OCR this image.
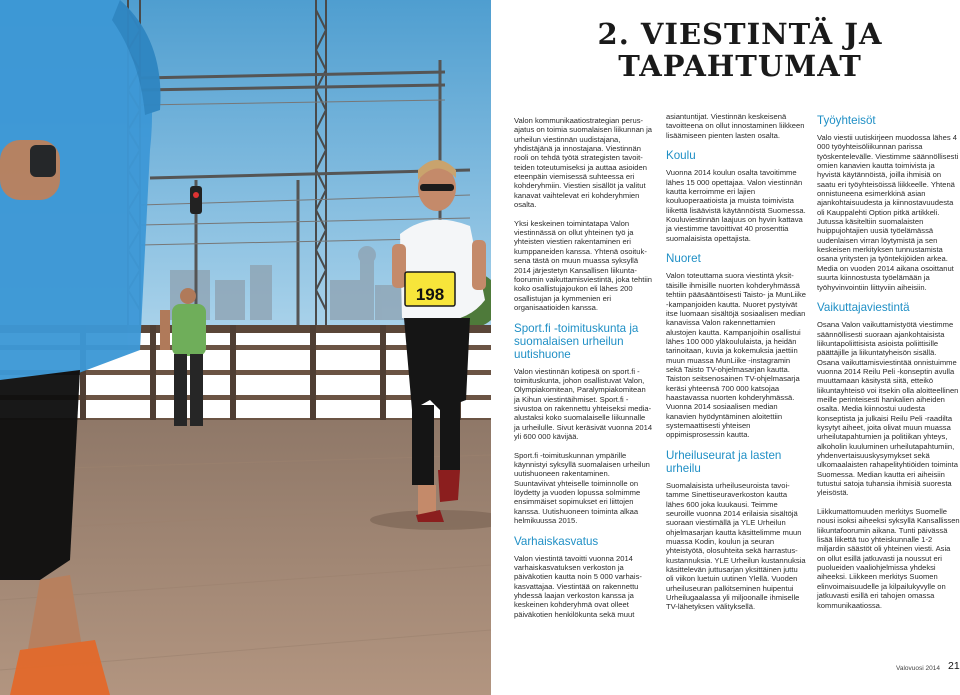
198
2. VIESTINTÄ JA
TAPAHTUMAT

Valon kommunikaatiostrategian perusajatus on toimia suomalaisen liikunnan ja urheilun viestinnän uudistajana, yhdistäjänä ja innostajana. Viestinnän rooli on tehdä työtä strategisten tavoitteiden toteutumiseksi ja auttaa asioiden eteenpäin viemisessä suhteessa eri kohderyhmiin. Viestien sisällöt ja valitut kanavat vaihtelevat eri kohderyhmien osalta.

Yksi keskeinen toimintatapa Valon viestinnässä on ollut yhteinen työ ja yhteisten viestien rakentaminen eri kumppaneiden kanssa. Yhtenä osoituksena tästä on muun muassa syksyllä 2014 järjestetyn Kansallisen liikuntafoorumin vaikuttamisviestintä, joka tehtiin koko osallistujajoukon eli lähes 200 osallistujan ja kymmenien eri organisaatioiden kanssa.

Sport.fi -toimituskunta ja suomalaisen urheilun uutishuone

Valon viestinnän kotipesä on sport.fi -toimituskunta, johon osallistuvat Valon, Olympiakomitean, Paralympiakomitean ja Kihun viestintäihmiset. Sport.fi -sivustoa on rakennettu yhteiseksi media-alustaksi koko suomalaiselle liikunnalle ja urheilulle. Sivut keräsivät vuonna 2014 yli 600 000 kävijää.

Sport.fi -toimituskunnan ympärille käynnistyi syksyllä suomalaisen urheilun uutishuoneen rakentaminen. Suuntaviivat yhteiselle toiminnolle on löydetty ja vuoden lopussa solmimme ensimmäiset sopimukset eri liittojen kanssa. Uutishuoneen toiminta alkaa helmikuussa 2015.

Varhaiskasvatus

Valon viestintä tavoitti vuonna 2014 varhaiskasvatuksen verkoston ja päiväkotien kautta noin 5 000 varhaiskasvattajaa. Viestintää on rakennettu yhdessä laajan verkoston kanssa ja keskeinen kohderyhmä ovat olleet päiväkotien henkilökunta sekä muut

asiantuntijat. Viestinnän keskeisenä tavoitteena on ollut innostaminen liikkeen lisäämiseen pienten lasten osalta.

Koulu

Vuonna 2014 koulun osalta tavoitimme lähes 15 000 opettajaa. Valon viestinnän kautta kerroimme eri lajien kouluoperaatioista ja muista toimivista liikettä lisäävistä käytännöistä Suomessa. Kouluviestinnän laajuus on hyvin kattava ja viestimme tavoittivat 40 prosenttia suomalaisista opettajista.

Nuoret

Valon toteuttama suora viestintä yksittäisille ihmisille nuorten kohderyhmässä tehtiin pääsääntöisesti Taisto- ja MunLiike -kampanjoiden kautta. Nuoret pystyivät itse luomaan sisältöjä sosiaalisen median kanavissa Valon rakennettamien alustojen kautta. Kampanjoihin osallistui lähes 100 000 yläkoululaista, ja heidän tarinoitaan, kuvia ja kokemuksia jaettiin muun muassa MunLiike -instagramin sekä Taisto TV-ohjelmasarjan kautta. Taiston seitsenosainen TV-ohjelmasarja keräsi yhteensä 700 000 katsojaa haastavassa nuorten kohderyhmässä. Vuonna 2014 sosiaalisen median kanavien hyödyntäminen aloitettiin systemaattisesti yhteisen oppimisprosessin kautta.

Urheiluseurat ja lasten urheilu

Suomalaisista urheiluseuroista tavoitamme Sinettiseuraverkoston kautta lähes 600 joka kuukausi. Teimme seuroille vuonna 2014 erilaisia sisältöjä suoraan viestimällä ja YLE Urheilun ohjelmasarjan kautta käsittelimme muun muassa Kodin, koulun ja seuran yhteistyötä, olosuhteita sekä harrastuskustannuksia. YLE Urheilun kustannuksia käsittelevän juttusarjan yksittäinen juttu oli viikon luetuin uutinen Ylellä. Vuoden urheiluseuran palkitseminen huipentui Urheilugaalassa yli miljoonalle ihmiselle TV-lähetyksen välityksellä.

Työyhteisöt

Valo viestii uutiskirjeen muodossa lähes 4 000 työyhteisöliikunnan parissa työskentelevälle. Viestimme säännöllisesti omien kanavien kautta toimivista ja hyvistä käytännöistä, joilla ihmisiä on saatu eri työyhteisöissä liikkeelle. Yhtenä onnistuneena esimerkkinä asian ajankohtaisuudesta ja kiinnostavuudesta oli Kauppalehti Option pitkä artikkeli. Jutussa käsiteltiin suomalaisten huippujohtajien uusiä työelämässä uudenlaisen virran löytymistä ja sen keskeisen merkityksen tunnustamista osana yritysten ja työntekijöiden arkea. Media on vuoden 2014 aikana osoittanut suurta kiinnostusta työelämään ja työhyvinvointiin liittyviin aiheisiin.

Vaikuttajaviestintä

Osana Valon vaikuttamistyötä viestimme säännöllisesti suoraan ajankohtaisista liikuntapoliittisista asioista poliittisille päättäjille ja liikuntatyheisön sisällä. Osana vaikuttamisviestintää onnistuimme vuonna 2014 Reilu Peli -konseptin avulla muuttamaan käsitystä siitä, etteikö liikuntayhteisö voi itsekin olla aloitteellinen meille perinteisesti hankalien aiheiden osalta. Media kiinnostui uudesta konseptista ja julkaisi Reilu Peli -raadilta kysytyt aiheet, joita olivat muun muassa urheilutapahtumien ja politiikan yhteys, alkoholin kuuluminen urheilutapahtumiin, yhdenvertaisuuskysymykset sekä ulkomaalaisten rahapelityhtiöiden toiminta Suomessa. Median kautta eri aiheisiin tutustui satoja tuhansia ihmisiä suoresta yleisöstä.

Liikkumattomuuden merkitys Suomelle nousi isoksi aiheeksi syksyllä Kansallissen liikuntafoorumin aikana. Tunti päivässä lisää liikettä tuo yhteiskunnalle 1-2 miljardin säästöt oli yhteinen viesti. Asia on ollut esillä jatkuvasti ja noussut eri puolueiden vaaliohjelmissa yhdeksi aiheeksi. Liikkeen merkitys Suomen elinvoimaisuudelle ja kilpailukyvylle on jatkuvasti esillä eri tahojen omassa kommunikaatiossa.

Valovuosi 2014 21
